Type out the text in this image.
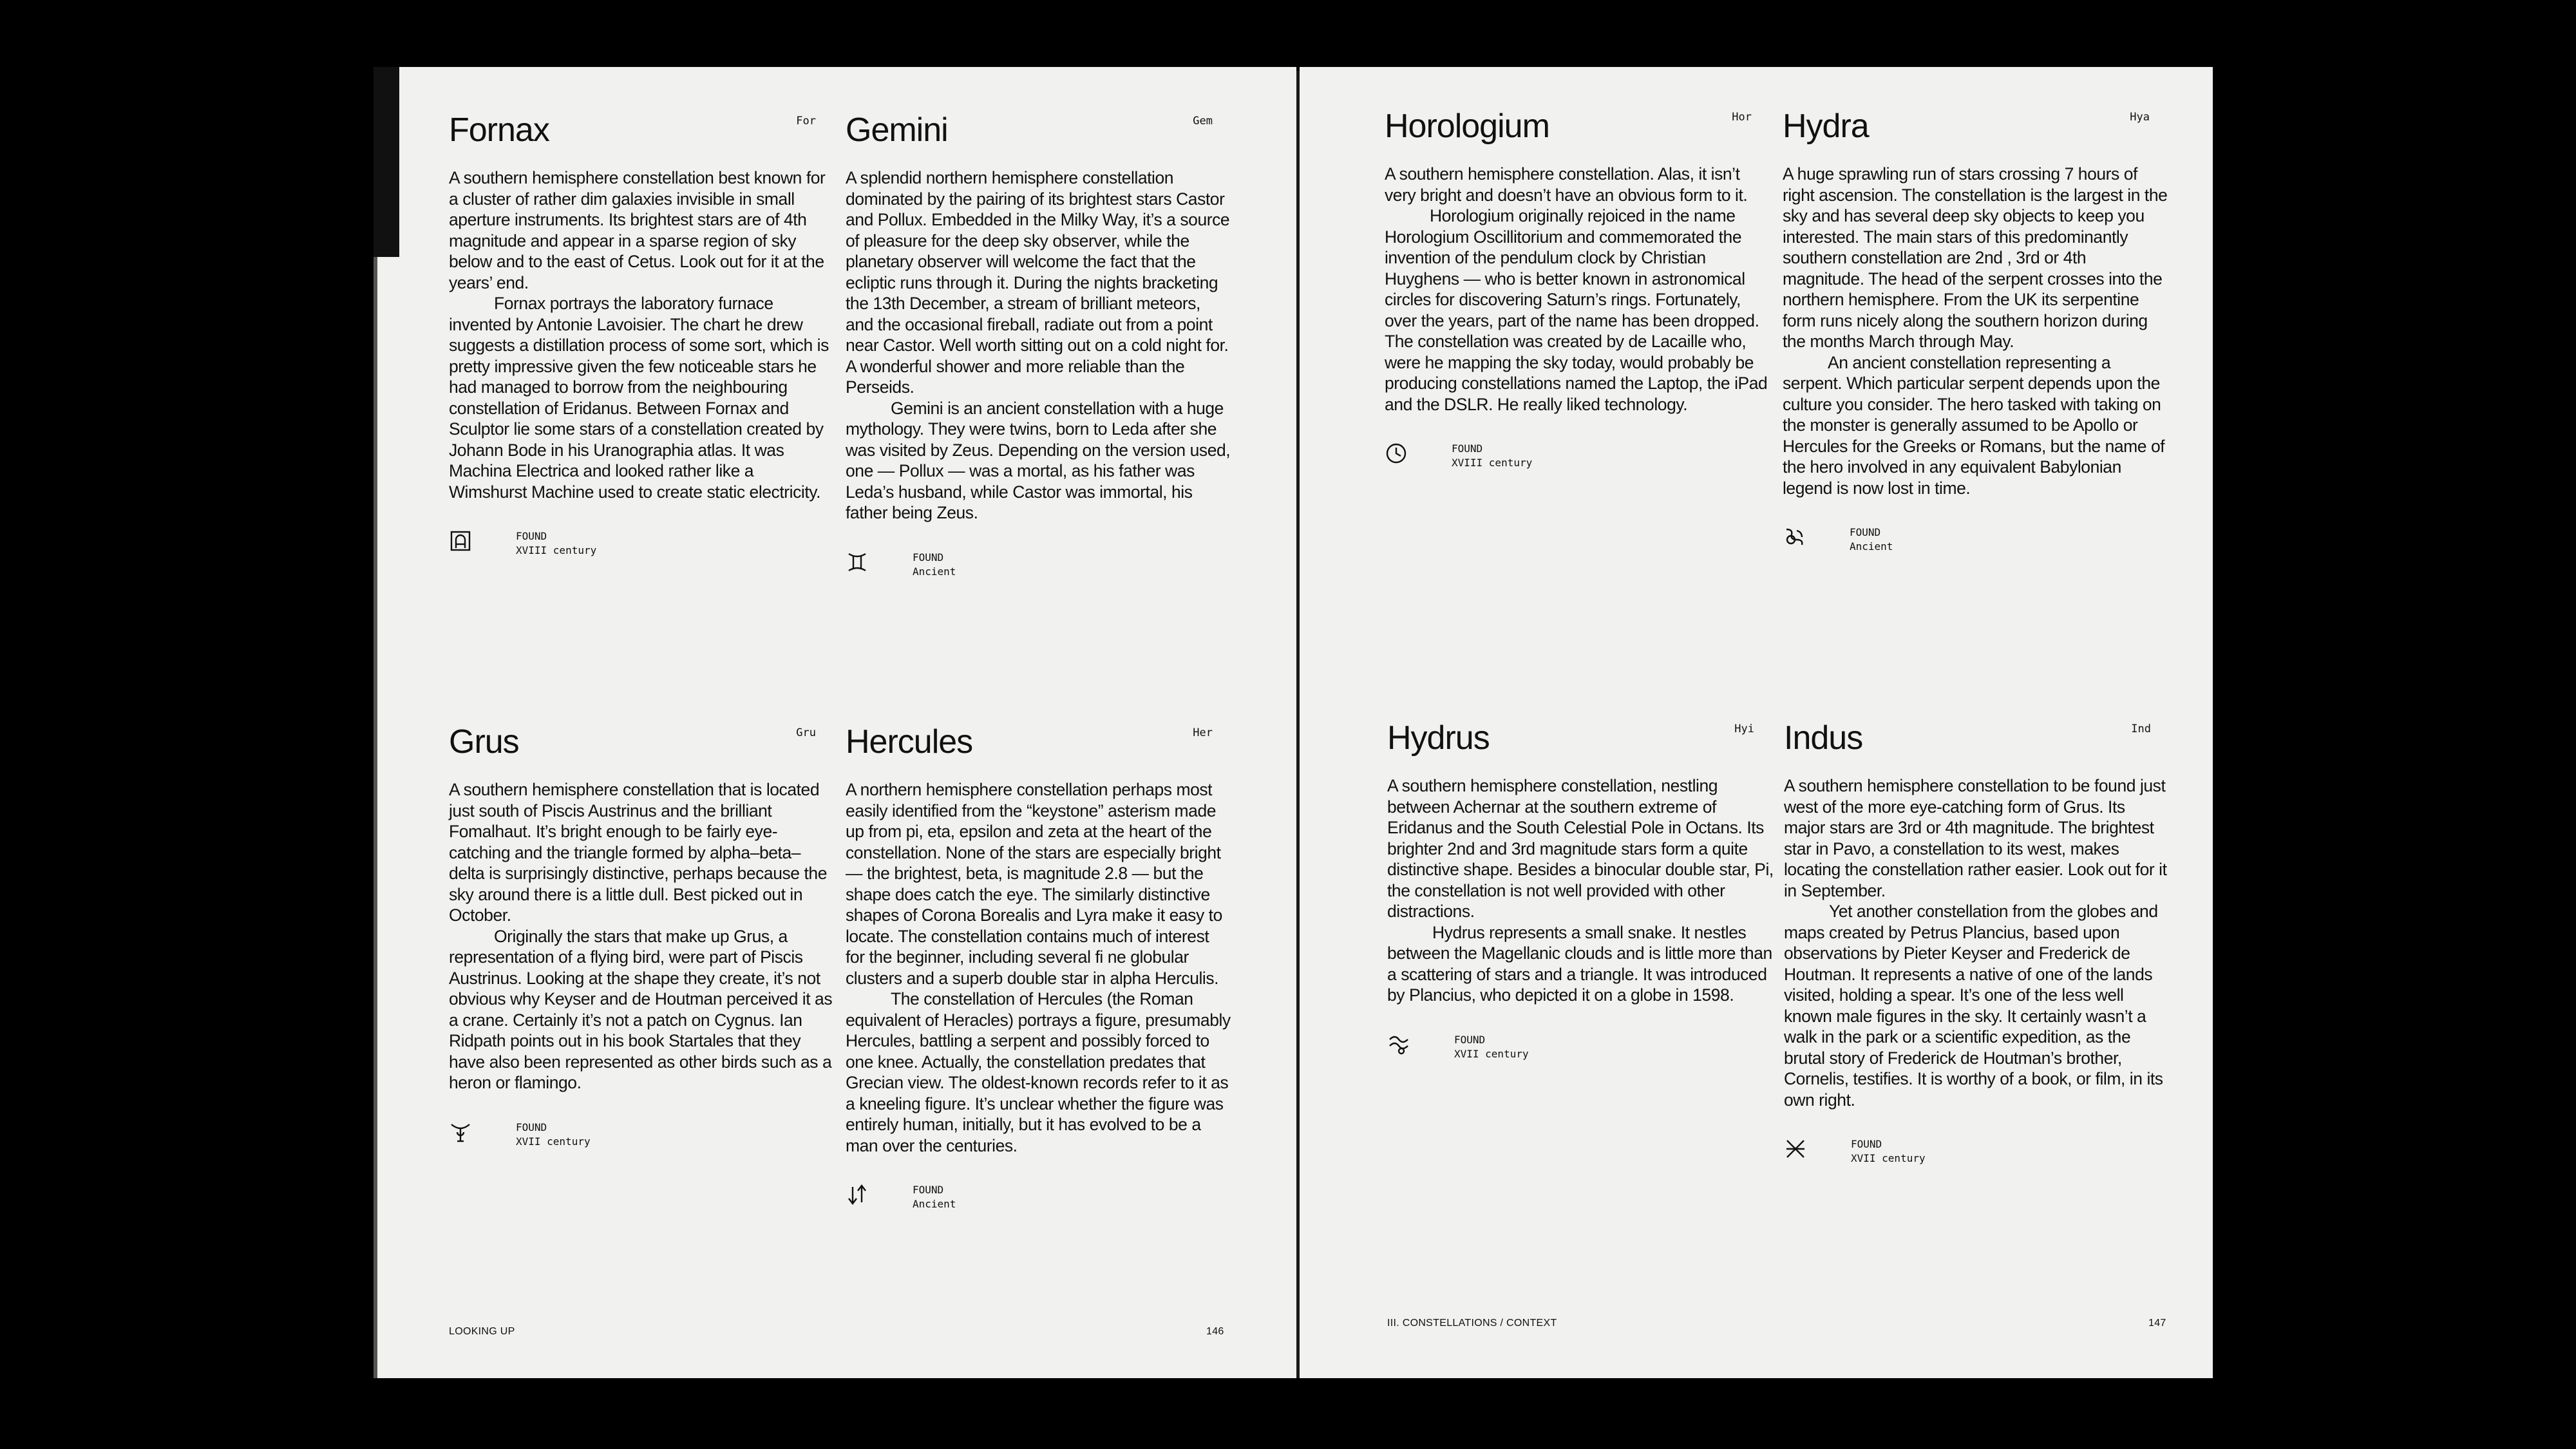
Fornax	For

A southern hemisphere constellation best known for a cluster of rather dim galaxies invisible in small aperture instruments. Its brightest stars are of 4th magnitude and appear in a sparse region of sky below and to the east of Cetus. Look out for it at the years’ end.

Fornax portrays the laboratory furnace invented by Antonie Lavoisier. The chart he drew suggests a distillation process of some sort, which is pretty impressive given the few noticeable stars he had managed to borrow from the neighbouring constellation of Eridanus. Between Fornax and Sculptor lie some stars of a constellation created by Johann Bode in his Uranographia atlas. It was Machina Electrica and looked rather like a Wimshurst Machine used to create static electricity.

FOUND
XVIII century
Gemini	Gem

A splendid northern hemisphere constellation dominated by the pairing of its brightest stars Castor and Pollux. Embedded in the Milky Way, it’s a source of pleasure for the deep sky observer, while the planetary observer will welcome the fact that the ecliptic runs through it. During the nights bracketing the 13th December, a stream of brilliant meteors, and the occasional fireball, radiate out from a point near Castor. Well worth sitting out on a cold night for. A wonderful shower and more reliable than the Perseids.

Gemini is an ancient constellation with a huge mythology. They were twins, born to Leda after she was visited by Zeus. Depending on the version used, one — Pollux — was a mortal, as his father was Leda’s husband, while Castor was immortal, his father being Zeus.

FOUND
Ancient
Grus	Gru

A southern hemisphere constellation that is located just south of Piscis Austrinus and the brilliant Fomalhaut. It’s bright enough to be fairly eye-catching and the triangle formed by alpha–beta–delta is surprisingly distinctive, perhaps because the sky around there is a little dull. Best picked out in October.

Originally the stars that make up Grus, a representation of a flying bird, were part of Piscis Austrinus. Looking at the shape they create, it’s not obvious why Keyser and de Houtman perceived it as a crane. Certainly it’s not a patch on Cygnus. Ian Ridpath points out in his book Startales that they have also been represented as other birds such as a heron or flamingo.

FOUND
XVII century
Hercules	Her

A northern hemisphere constellation perhaps most easily identified from the “keystone” asterism made up from pi, eta, epsilon and zeta at the heart of the constellation. None of the stars are especially bright — the brightest, beta, is magnitude 2.8 — but the shape does catch the eye. The similarly distinctive shapes of Corona Borealis and Lyra make it easy to locate. The constellation contains much of interest for the beginner, including several fi ne globular clusters and a superb double star in alpha Herculis.

The constellation of Hercules (the Roman equivalent of Heracles) portrays a figure, presumably Hercules, battling a serpent and possibly forced to one knee. Actually, the constellation predates that Grecian view. The oldest-known records refer to it as a kneeling figure. It’s unclear whether the figure was entirely human, initially, but it has evolved to be a man over the centuries.

FOUND
Ancient
LOOKING UP	146
Horologium	Hor

A southern hemisphere constellation. Alas, it isn’t very bright and doesn’t have an obvious form to it.

Horologium originally rejoiced in the name Horologium Oscillitorium and commemorated the invention of the pendulum clock by Christian Huyghens — who is better known in astronomical circles for discovering Saturn’s rings. Fortunately, over the years, part of the name has been dropped. The constellation was created by de Lacaille who, were he mapping the sky today, would probably be producing constellations named the Laptop, the iPad and the DSLR. He really liked technology.

FOUND
XVIII century
Hydra	Hya

A huge sprawling run of stars crossing 7 hours of right ascension. The constellation is the largest in the sky and has several deep sky objects to keep you interested. The main stars of this predominantly southern constellation are 2nd , 3rd or 4th magnitude. The head of the serpent crosses into the northern hemisphere. From the UK its serpentine form runs nicely along the southern horizon during the months March through May.

An ancient constellation representing a serpent. Which particular serpent depends upon the culture you consider. The hero tasked with taking on the monster is generally assumed to be Apollo or Hercules for the Greeks or Romans, but the name of the hero involved in any equivalent Babylonian legend is now lost in time.

FOUND
Ancient
Hydrus	Hyi

A southern hemisphere constellation, nestling between Achernar at the southern extreme of Eridanus and the South Celestial Pole in Octans. Its brighter 2nd and 3rd magnitude stars form a quite distinctive shape. Besides a binocular double star, Pi, the constellation is not well provided with other distractions.

Hydrus represents a small snake. It nestles between the Magellanic clouds and is little more than a scattering of stars and a triangle. It was introduced by Plancius, who depicted it on a globe in 1598.

FOUND
XVII century
Indus	Ind

A southern hemisphere constellation to be found just west of the more eye-catching form of Grus. Its major stars are 3rd or 4th magnitude. The brightest star in Pavo, a constellation to its west, makes locating the constellation rather easier. Look out for it in September.

Yet another constellation from the globes and maps created by Petrus Plancius, based upon observations by Pieter Keyser and Frederick de Houtman. It represents a native of one of the lands visited, holding a spear. It’s one of the less well known male figures in the sky. It certainly wasn’t a walk in the park or a scientific expedition, as the brutal story of Frederick de Houtman’s brother, Cornelis, testifies. It is worthy of a book, or film, in its own right.

FOUND
XVII century
III. CONSTELLATIONS / CONTEXT	147
